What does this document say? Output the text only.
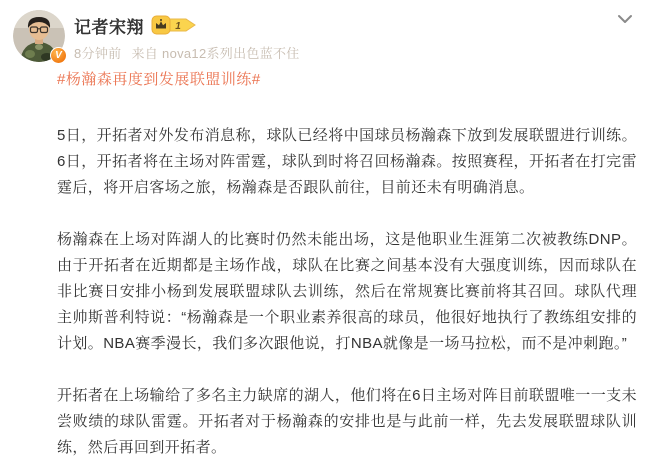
V
记者宋翔	1
8分钟前 来自 nova12系列出色蓝不住
#杨瀚森再度到发展联盟训练#

5日，开拓者对外发布消息称，球队已经将中国球员杨瀚森下放到发展联盟进行训练。6日，开拓者将在主场对阵雷霆，球队到时将召回杨瀚森。按照赛程，开拓者在打完雷霆后，将开启客场之旅，杨瀚森是否跟队前往，目前还未有明确消息。

杨瀚森在上场对阵湖人的比赛时仍然未能出场，这是他职业生涯第二次被教练DNP。由于开拓者在近期都是主场作战，球队在比赛之间基本没有大强度训练，因而球队在非比赛日安排小杨到发展联盟球队去训练，然后在常规赛比赛前将其召回。球队代理主帅斯普利特说：“杨瀚森是一个职业素养很高的球员，他很好地执行了教练组安排的计划。NBA赛季漫长，我们多次跟他说，打NBA就像是一场马拉松，而不是冲刺跑。”

开拓者在上场输给了多名主力缺席的湖人，他们将在6日主场对阵目前联盟唯一一支未尝败绩的球队雷霆。开拓者对于杨瀚森的安排也是与此前一样，先去发展联盟球队训练，然后再回到开拓者。
